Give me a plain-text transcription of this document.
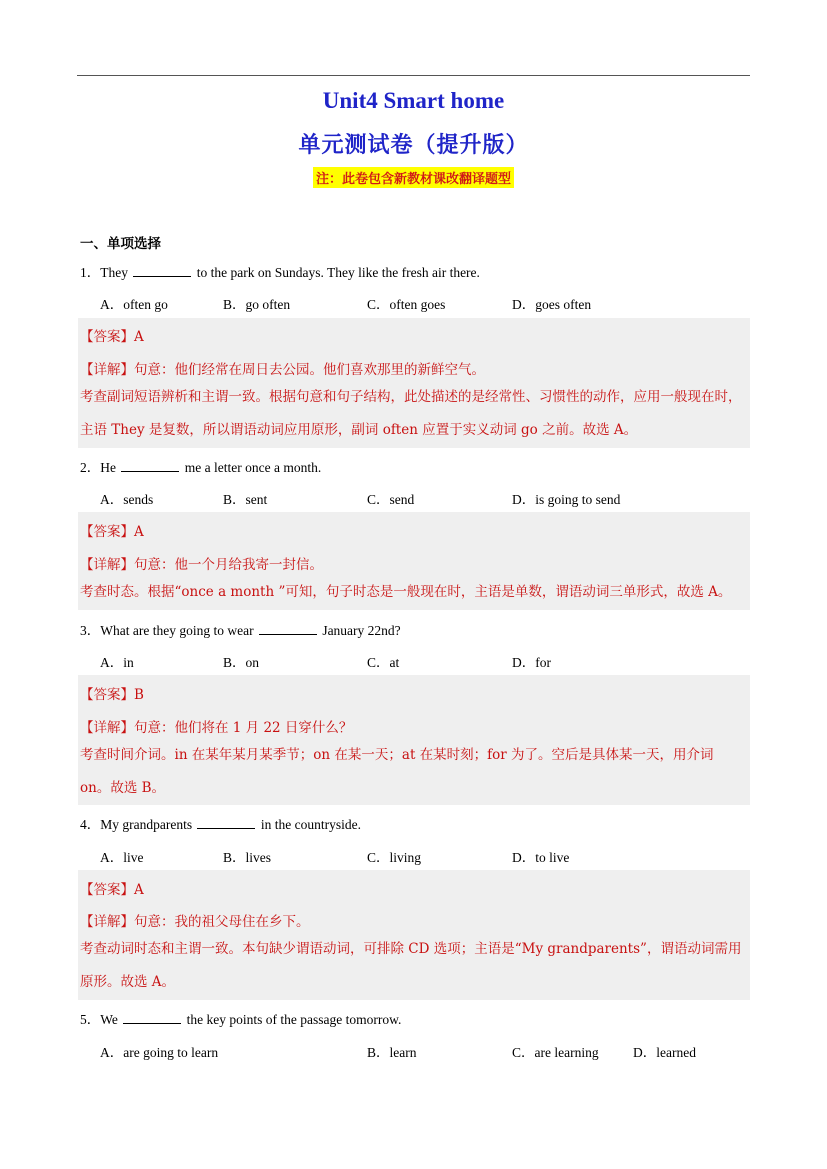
Unit4 Smart home
单元测试卷（提升版）
注：此卷包含新教材课改翻译题型
一、单项选择
1．They	to the park on Sundays. They like the fresh air there.
A．often go	B．go often	C．often goes	D．goes often
【答案】A
【详解】句意：他们经常在周日去公园。他们喜欢那里的新鲜空气。
考查副词短语辨析和主谓一致。根据句意和句子结构，此处描述的是经常性、习惯性的动作，应用一般现在时，主语 They 是复数，所以谓语动词应用原形，副词 often 应置于实义动词 go 之前。故选 A。
2．He	me a letter once a month.
A．sends	B．sent	C．send	D．is going to send
【答案】A
【详解】句意：他一个月给我寄一封信。
考查时态。根据“once a month ”可知，句子时态是一般现在时，主语是单数，谓语动词三单形式，故选 A。
3．What are they going to wear	January 22nd?
A．in	B．on	C．at	D．for
【答案】B
【详解】句意：他们将在 1 月 22 日穿什么？
考查时间介词。in 在某年某月某季节；on 在某一天；at 在某时刻；for 为了。空后是具体某一天，用介词 on。故选 B。
4．My grandparents	in the countryside.
A．live	B．lives	C．living	D．to live
【答案】A
【详解】句意：我的祖父母住在乡下。
考查动词时态和主谓一致。本句缺少谓语动词，可排除 CD 选项；主语是“My grandparents”，谓语动词需用原形。故选 A。
5．We	the key points of the passage tomorrow.
A．are going to learn	B．learn	C．are learning	D．learned
